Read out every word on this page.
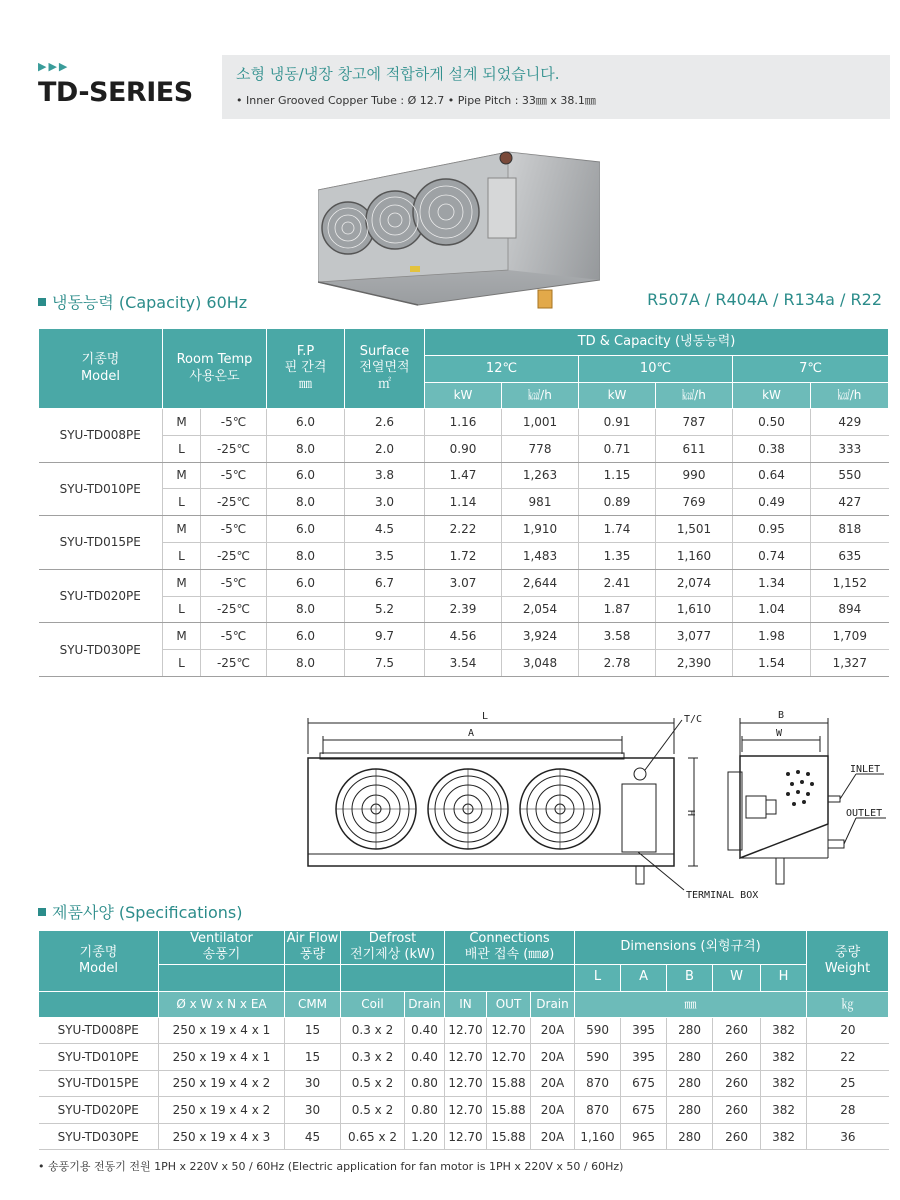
▶▶▶
TD-SERIES
소형 냉동/냉장 창고에 적합하게 설계 되었습니다.
• Inner Grooved Copper Tube : Ø 12.7 • Pipe Pitch : 33㎜ x 38.1㎜
냉동능력 (Capacity) 60Hz	R507A / R404A / R134a / R22
기종명
Model	Room Temp
사용온도		F.P
핀 간격
㎜	Surface
전열면적
㎡	TD & Capacity (냉동능력)					
					12℃		10℃		7℃	
					kW	㎉/h	kW	㎉/h	kW	㎉/h
SYU-TD008PE	M	-5℃	6.0	2.6	1.16	1,001	0.91	787	0.50	429
	L	-25℃	8.0	2.0	0.90	778	0.71	611	0.38	333
SYU-TD010PE	M	-5℃	6.0	3.8	1.47	1,263	1.15	990	0.64	550
	L	-25℃	8.0	3.0	1.14	981	0.89	769	0.49	427
SYU-TD015PE	M	-5℃	6.0	4.5	2.22	1,910	1.74	1,501	0.95	818
	L	-25℃	8.0	3.5	1.72	1,483	1.35	1,160	0.74	635
SYU-TD020PE	M	-5℃	6.0	6.7	3.07	2,644	2.41	2,074	1.34	1,152
	L	-25℃	8.0	5.2	2.39	2,054	1.87	1,610	1.04	894
SYU-TD030PE	M	-5℃	6.0	9.7	4.56	3,924	3.58	3,077	1.98	1,709
	L	-25℃	8.0	7.5	3.54	3,048	2.78	2,390	1.54	1,327
L
A
T/C
H
B
W
INLET
OUTLET
TERMINAL BOX
제품사양 (Specifications)
기종명
Model	Ventilator
송풍기	Air Flow
풍량	Defrost
전기제상 (kW)		Connections
배관 접속 (㎜ø)			Dimensions (외형규격)					중량
Weight
								L	A	B	W	H	
	Ø x W x N x EA	CMM	Coil	Drain	IN	OUT	Drain	㎜					㎏
SYU-TD008PE	250 x 19 x 4 x 1	15	0.3 x 2	0.40	12.70	12.70	20A	590	395	280	260	382	20
SYU-TD010PE	250 x 19 x 4 x 1	15	0.3 x 2	0.40	12.70	12.70	20A	590	395	280	260	382	22
SYU-TD015PE	250 x 19 x 4 x 2	30	0.5 x 2	0.80	12.70	15.88	20A	870	675	280	260	382	25
SYU-TD020PE	250 x 19 x 4 x 2	30	0.5 x 2	0.80	12.70	15.88	20A	870	675	280	260	382	28
SYU-TD030PE	250 x 19 x 4 x 3	45	0.65 x 2	1.20	12.70	15.88	20A	1,160	965	280	260	382	36
• 송풍기용 전동기 전원 1PH x 220V x 50 / 60Hz (Electric application for fan motor is 1PH x 220V x 50 / 60Hz)
